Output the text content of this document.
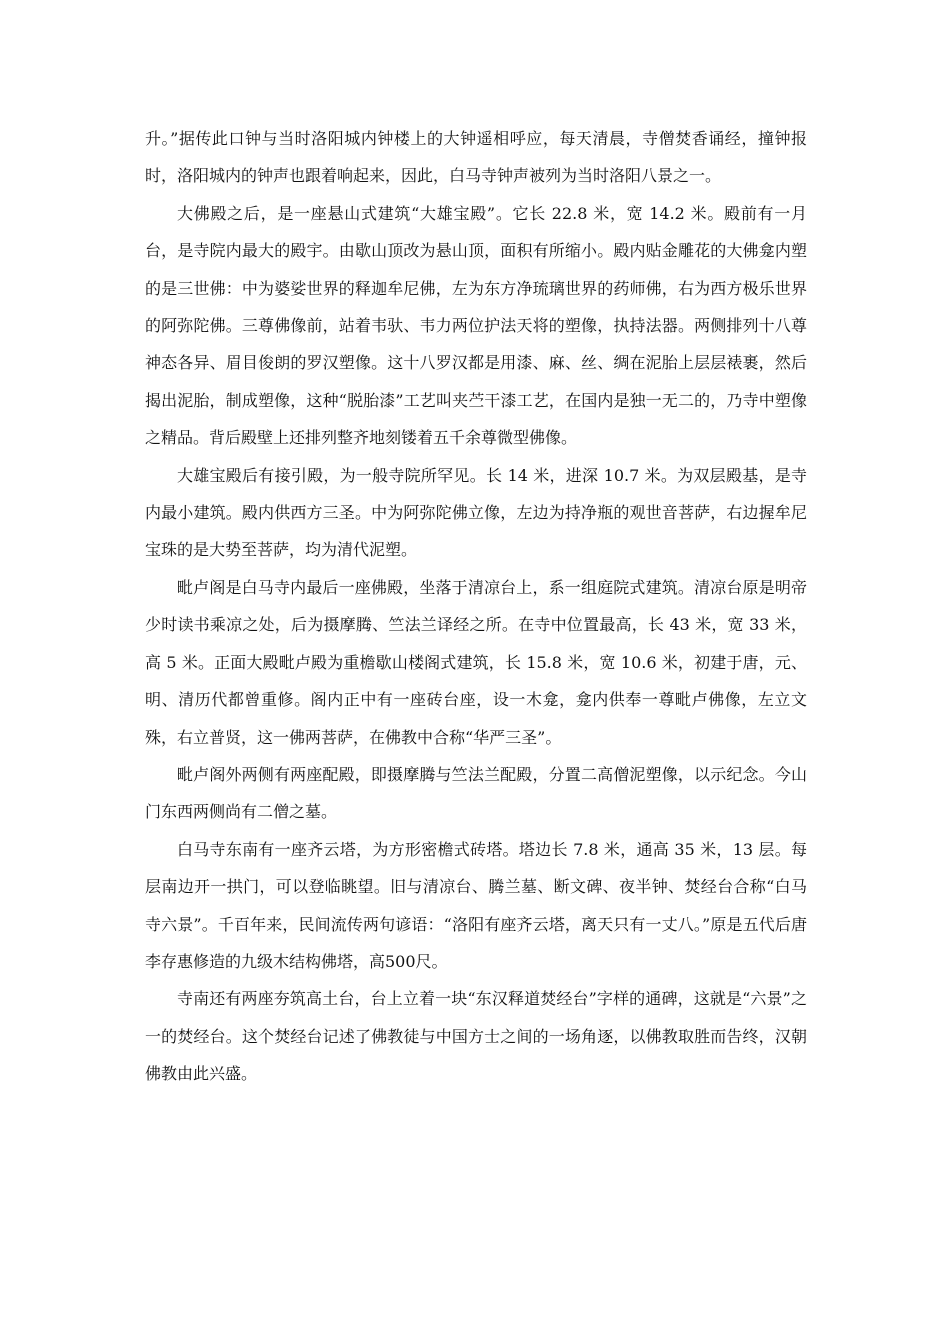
升。”据传此口钟与当时洛阳城内钟楼上的大钟遥相呼应，每天清晨，寺僧焚香诵经，撞钟报时，洛阳城内的钟声也跟着响起来，因此，白马寺钟声被列为当时洛阳八景之一。

大佛殿之后，是一座悬山式建筑“大雄宝殿”。它长 22.8 米，宽 14.2 米。殿前有一月台，是寺院内最大的殿宇。由歇山顶改为悬山顶，面积有所缩小。殿内贴金雕花的大佛龛内塑的是三世佛：中为婆娑世界的释迦牟尼佛，左为东方净琉璃世界的药师佛，右为西方极乐世界的阿弥陀佛。三尊佛像前，站着韦驮、韦力两位护法天将的塑像，执持法器。两侧排列十八尊神态各异、眉目俊朗的罗汉塑像。这十八罗汉都是用漆、麻、丝、绸在泥胎上层层裱裹，然后揭出泥胎，制成塑像，这种“脱胎漆”工艺叫夹苎干漆工艺，在国内是独一无二的，乃寺中塑像之精品。背后殿壁上还排列整齐地刻镂着五千余尊微型佛像。

大雄宝殿后有接引殿，为一般寺院所罕见。长 14 米，进深 10.7 米。为双层殿基，是寺内最小建筑。殿内供西方三圣。中为阿弥陀佛立像，左边为持净瓶的观世音菩萨，右边握牟尼宝珠的是大势至菩萨，均为清代泥塑。

毗卢阁是白马寺内最后一座佛殿，坐落于清凉台上，系一组庭院式建筑。清凉台原是明帝少时读书乘凉之处，后为摄摩腾、竺法兰译经之所。在寺中位置最高，长 43 米，宽 33 米，高 5 米。正面大殿毗卢殿为重檐歇山楼阁式建筑，长 15.8 米，宽 10.6 米，初建于唐，元、明、清历代都曾重修。阁内正中有一座砖台座，设一木龛，龛内供奉一尊毗卢佛像，左立文殊，右立普贤，这一佛两菩萨，在佛教中合称“华严三圣”。

毗卢阁外两侧有两座配殿，即摄摩腾与竺法兰配殿，分置二高僧泥塑像，以示纪念。今山门东西两侧尚有二僧之墓。

白马寺东南有一座齐云塔，为方形密檐式砖塔。塔边长 7.8 米，通高 35 米，13 层。每层南边开一拱门，可以登临眺望。旧与清凉台、腾兰墓、断文碑、夜半钟、焚经台合称“白马寺六景”。千百年来，民间流传两句谚语：“洛阳有座齐云塔，离天只有一丈八。”原是五代后唐李存惠修造的九级木结构佛塔，高500尺。

寺南还有两座夯筑高土台，台上立着一块“东汉释道焚经台”字样的通碑，这就是“六景”之一的焚经台。这个焚经台记述了佛教徒与中国方士之间的一场角逐，以佛教取胜而告终，汉朝佛教由此兴盛。
